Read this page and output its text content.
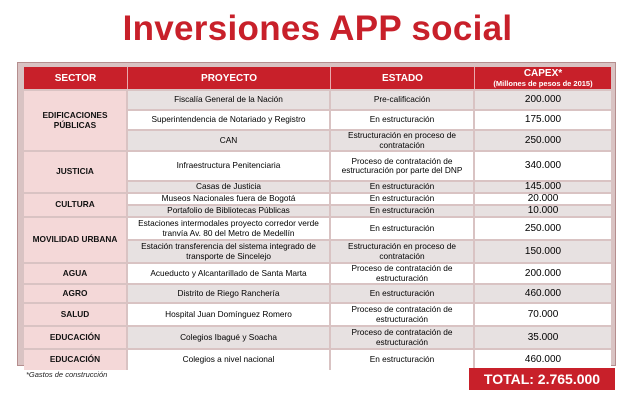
Inversiones APP social
SECTOR	PROYECTO	ESTADO	CAPEX*
(Millones de pesos de 2015)

EDIFICACIONES PÚBLICAS	Fiscalía General de la Nación	Pre-calificación	200.000
	Superintendencia de Notariado y Registro	En estructuración	175.000
	CAN	Estructuración en proceso de contratación	250.000
JUSTICIA	Infraestructura Penitenciaria	Proceso de contratación de estructuración por parte del DNP	340.000
	Casas de Justicia	En estructuración	145.000
CULTURA	Museos Nacionales fuera de Bogotá	En estructuración	20.000
	Portafolio de Bibliotecas Públicas	En estructuración	10.000
MOVILIDAD URBANA	Estaciones intermodales proyecto corredor verde tranvía Av. 80 del Metro de Medellín	En estructuración	250.000
	Estación transferencia del sistema integrado de transporte de Sincelejo	Estructuración en proceso de contratación	150.000
AGUA	Acueducto y Alcantarillado de Santa Marta	Proceso de contratación de estructuración	200.000
AGRO	Distrito de Riego Ranchería	En estructuración	460.000
SALUD	Hospital Juan Domínguez Romero	Proceso de contratación de estructuración	70.000
EDUCACIÓN	Colegios Ibagué y Soacha	Proceso de contratación de estructuración	35.000
EDUCACIÓN	Colegios a nivel nacional	En estructuración	460.000
*Gastos de construcción	TOTAL: 2.765.000
